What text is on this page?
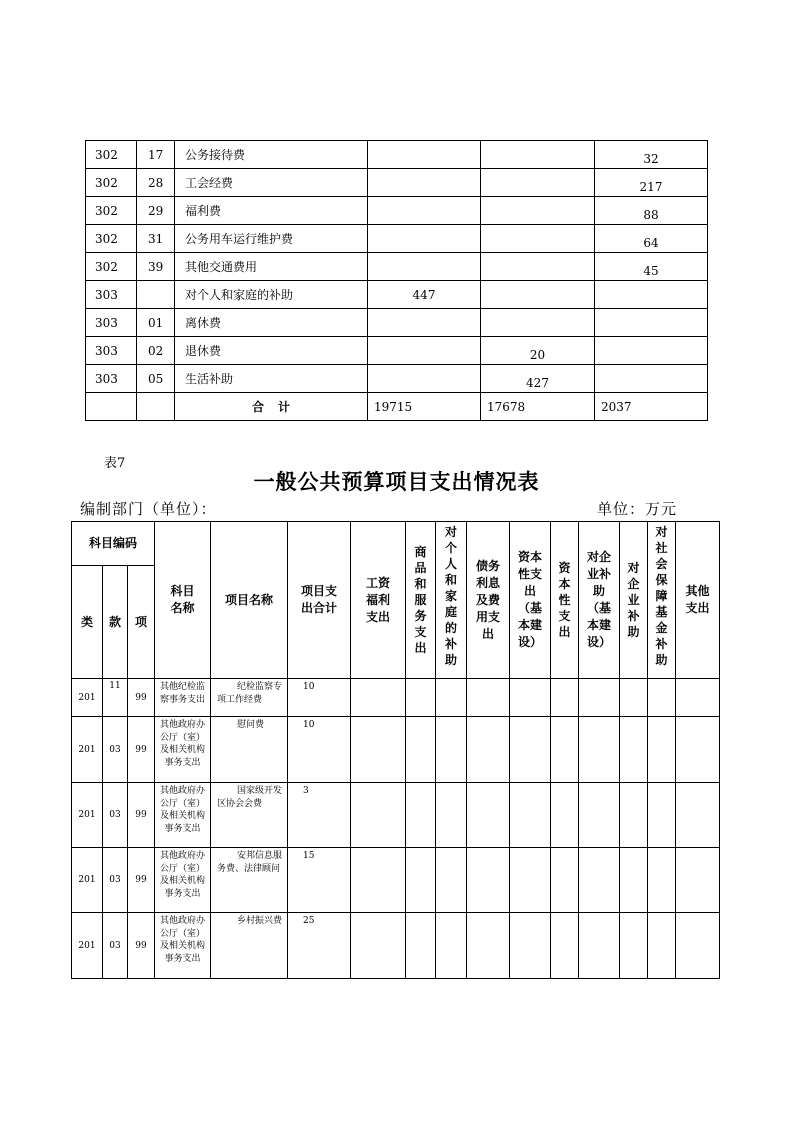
302	17	公务接待费			32
302	28	工会经费			217
302	29	福利费			88
302	31	公务用车运行维护费			64
302	39	其他交通费用			45
303		对个人和家庭的补助	447		
303	01	离休费			
303	02	退休费		20	
303	05	生活补助		427	
		合计	19715	17678	2037
表7
一般公共预算项目支出情况表
编制部门（单位）：	单位：万元
科目编码			科目名称	项目名称	项目支出合计	工资福利支出	商品和服务支出	对个人和家庭的补助	债务利息及费用支出	资本性支出（基本建设）	资本性支出	对企业补助（基本建设）	对企业补助	对社会保障基金补助	其他支出

类	款	项													
201	11	99	其他纪检监察事务支出	纪检监察专项工作经费	10										
201	03	99	其他政府办公厅（室）及相关机构事务支出	慰问费	10										
201	03	99	其他政府办公厅（室）及相关机构事务支出	国家级开发区协会会费	3										
201	03	99	其他政府办公厅（室）及相关机构事务支出	安邦信息服务费、法律顾问	15										
201	03	99	其他政府办公厅（室）及相关机构事务支出	乡村振兴费	25										
